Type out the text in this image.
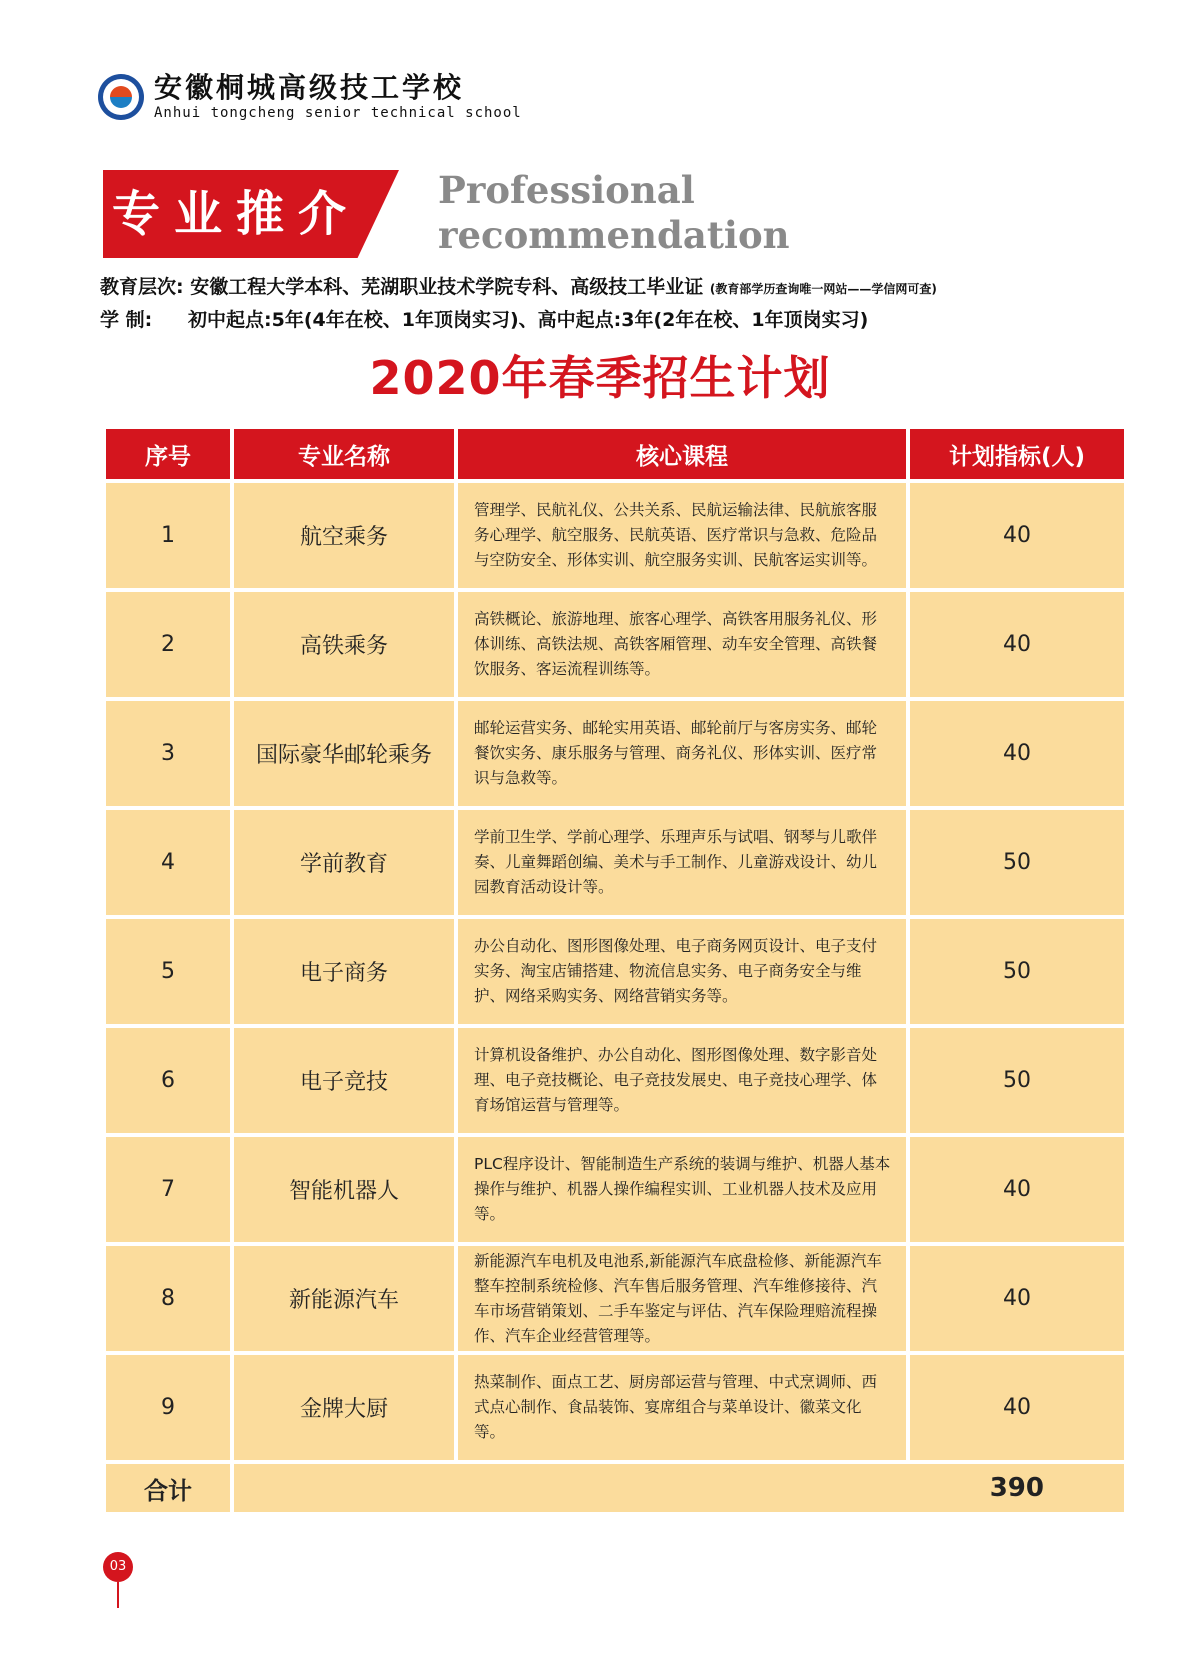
安徽桐城高级技工学校
Anhui tongcheng senior technical school
专业推介 Professional
recommendation
教育层次: 安徽工程大学本科、芜湖职业技术学院专科、高级技工毕业证 (教育部学历查询唯一网站——学信网可查)
学 制: 初中起点:5年(4年在校、1年顶岗实习)、高中起点:3年(2年在校、1年顶岗实习)
2020年春季招生计划
序号	专业名称	核心课程	计划指标(人)
1	航空乘务	管理学、民航礼仪、公共关系、民航运输法律、民航旅客服务心理学、航空服务、民航英语、医疗常识与急救、危险品与空防安全、形体实训、航空服务实训、民航客运实训等。	40
2	高铁乘务	高铁概论、旅游地理、旅客心理学、高铁客用服务礼仪、形体训练、高铁法规、高铁客厢管理、动车安全管理、高铁餐饮服务、客运流程训练等。	40
3	国际豪华邮轮乘务	邮轮运营实务、邮轮实用英语、邮轮前厅与客房实务、邮轮餐饮实务、康乐服务与管理、商务礼仪、形体实训、医疗常识与急救等。	40
4	学前教育	学前卫生学、学前心理学、乐理声乐与试唱、钢琴与儿歌伴奏、儿童舞蹈创编、美术与手工制作、儿童游戏设计、幼儿园教育活动设计等。	50
5	电子商务	办公自动化、图形图像处理、电子商务网页设计、电子支付实务、淘宝店铺搭建、物流信息实务、电子商务安全与维护、网络采购实务、网络营销实务等。	50
6	电子竞技	计算机设备维护、办公自动化、图形图像处理、数字影音处理、电子竞技概论、电子竞技发展史、电子竞技心理学、体育场馆运营与管理等。	50
7	智能机器人	PLC程序设计、智能制造生产系统的装调与维护、机器人基本操作与维护、机器人操作编程实训、工业机器人技术及应用等。	40
8	新能源汽车	新能源汽车电机及电池系,新能源汽车底盘检修、新能源汽车整车控制系统检修、汽车售后服务管理、汽车维修接待、汽车市场营销策划、二手车鉴定与评估、汽车保险理赔流程操作、汽车企业经营管理等。	40
9	金牌大厨	热菜制作、面点工艺、厨房部运营与管理、中式烹调师、西式点心制作、食品装饰、宴席组合与菜单设计、徽菜文化等。	40
合计	390		
03
